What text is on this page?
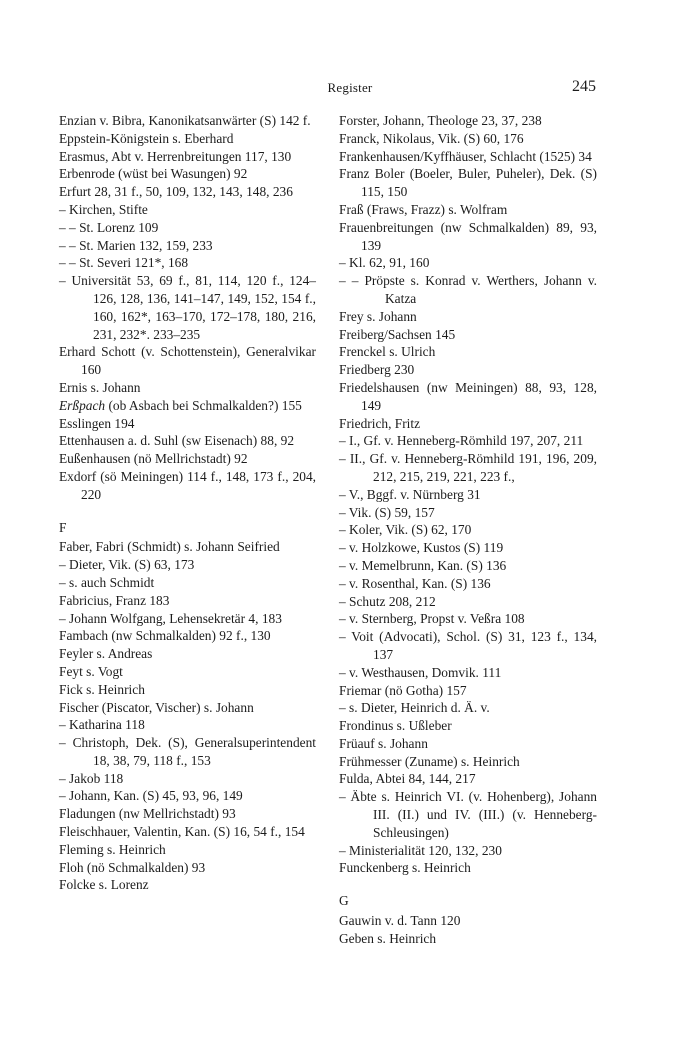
Register	245
Enzian v. Bibra, Kanonikatsanwärter (S) 142 f.
Eppstein-Königstein s. Eberhard
Erasmus, Abt v. Herrenbreitungen 117, 130
Erbenrode (wüst bei Wasungen) 92
Erfurt 28, 31 f., 50, 109, 132, 143, 148, 236
– Kirchen, Stifte
– – St. Lorenz 109
– – St. Marien 132, 159, 233
– – St. Severi 121*, 168
– Universität 53, 69 f., 81, 114, 120 f., 124–126, 128, 136, 141–147, 149, 152, 154 f., 160, 162*, 163–170, 172–178, 180, 216, 231, 232*. 233–235
Erhard Schott (v. Schottenstein), Generalvikar 160
Ernis s. Johann
Erßpach (ob Asbach bei Schmalkalden?) 155
Esslingen 194
Ettenhausen a. d. Suhl (sw Eisenach) 88, 92
Eußenhausen (nö Mellrichstadt) 92
Exdorf (sö Meiningen) 114 f., 148, 173 f., 204, 220
F
Faber, Fabri (Schmidt) s. Johann Seifried
– Dieter, Vik. (S) 63, 173
– s. auch Schmidt
Fabricius, Franz 183
– Johann Wolfgang, Lehensekretär 4, 183
Fambach (nw Schmalkalden) 92 f., 130
Feyler s. Andreas
Feyt s. Vogt
Fick s. Heinrich
Fischer (Piscator, Vischer) s. Johann
– Katharina 118
– Christoph, Dek. (S), Generalsuperintendent 18, 38, 79, 118 f., 153
– Jakob 118
– Johann, Kan. (S) 45, 93, 96, 149
Fladungen (nw Mellrichstadt) 93
Fleischhauer, Valentin, Kan. (S) 16, 54 f., 154
Fleming s. Heinrich
Floh (nö Schmalkalden) 93
Folcke s. Lorenz
Forster, Johann, Theologe 23, 37, 238
Franck, Nikolaus, Vik. (S) 60, 176
Frankenhausen/Kyffhäuser, Schlacht (1525) 34
Franz Boler (Boeler, Buler, Puheler), Dek. (S) 115, 150
Fraß (Fraws, Frazz) s. Wolfram
Frauenbreitungen (nw Schmalkalden) 89, 93, 139
– Kl. 62, 91, 160
– – Pröpste s. Konrad v. Werthers, Johann v. Katza
Frey s. Johann
Freiberg/Sachsen 145
Frenckel s. Ulrich
Friedberg 230
Friedelshausen (nw Meiningen) 88, 93, 128, 149
Friedrich, Fritz
– I., Gf. v. Henneberg-Römhild 197, 207, 211
– II., Gf. v. Henneberg-Römhild 191, 196, 209, 212, 215, 219, 221, 223 f.,
– V., Bggf. v. Nürnberg 31
– Vik. (S) 59, 157
– Koler, Vik. (S) 62, 170
– v. Holzkowe, Kustos (S) 119
– v. Memelbrunn, Kan. (S) 136
– v. Rosenthal, Kan. (S) 136
– Schutz 208, 212
– v. Sternberg, Propst v. Veßra 108
– Voit (Advocati), Schol. (S) 31, 123 f., 134, 137
– v. Westhausen, Domvik. 111
Friemar (nö Gotha) 157
– s. Dieter, Heinrich d. Ä. v.
Frondinus s. Ußleber
Früauf s. Johann
Frühmesser (Zuname) s. Heinrich
Fulda, Abtei 84, 144, 217
– Äbte s. Heinrich VI. (v. Hohenberg), Johann III. (II.) und IV. (III.) (v. Henneberg-Schleusingen)
– Ministerialität 120, 132, 230
Funckenberg s. Heinrich
G
Gauwin v. d. Tann 120
Geben s. Heinrich
